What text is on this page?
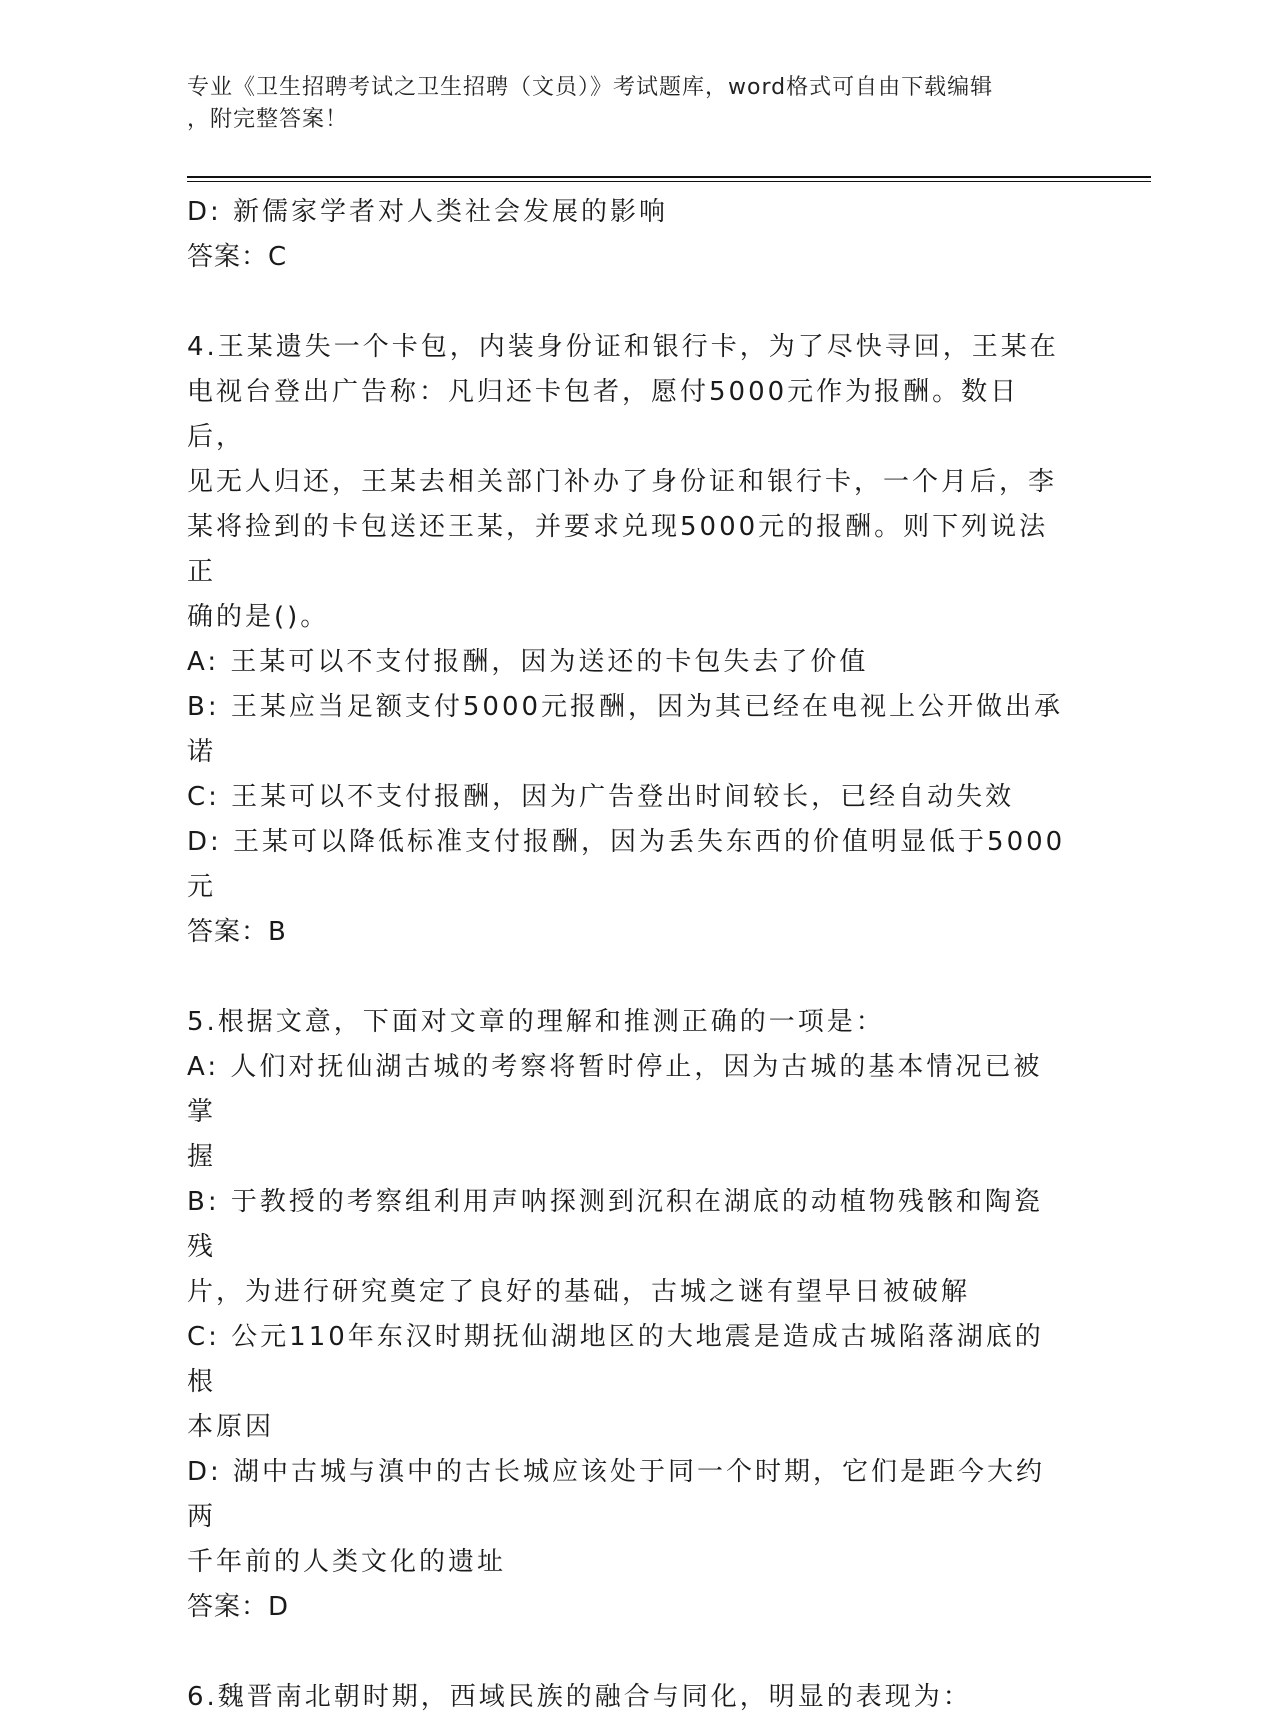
专业《卫生招聘考试之卫生招聘（文员）》考试题库，word格式可自由下载编辑
，附完整答案！

D: 新儒家学者对人类社会发展的影响

答案：C

4.王某遗失一个卡包，内装身份证和银行卡，为了尽快寻回，王某在

电视台登出广告称：凡归还卡包者，愿付5000元作为报酬。数日后，

见无人归还，王某去相关部门补办了身份证和银行卡，一个月后，李

某将捡到的卡包送还王某，并要求兑现5000元的报酬。则下列说法正

确的是()。

A: 王某可以不支付报酬，因为送还的卡包失去了价值

B: 王某应当足额支付5000元报酬，因为其已经在电视上公开做出承

诺

C: 王某可以不支付报酬，因为广告登出时间较长，已经自动失效

D: 王某可以降低标准支付报酬，因为丢失东西的价值明显低于5000

元

答案：B

5.根据文意，下面对文章的理解和推测正确的一项是：

A: 人们对抚仙湖古城的考察将暂时停止，因为古城的基本情况已被掌

握

B: 于教授的考察组利用声呐探测到沉积在湖底的动植物残骸和陶瓷残

片，为进行研究奠定了良好的基础，古城之谜有望早日被破解

C: 公元110年东汉时期抚仙湖地区的大地震是造成古城陷落湖底的根

本原因

D: 湖中古城与滇中的古长城应该处于同一个时期，它们是距今大约两

千年前的人类文化的遗址

答案：D

6.魏晋南北朝时期，西域民族的融合与同化，明显的表现为：
